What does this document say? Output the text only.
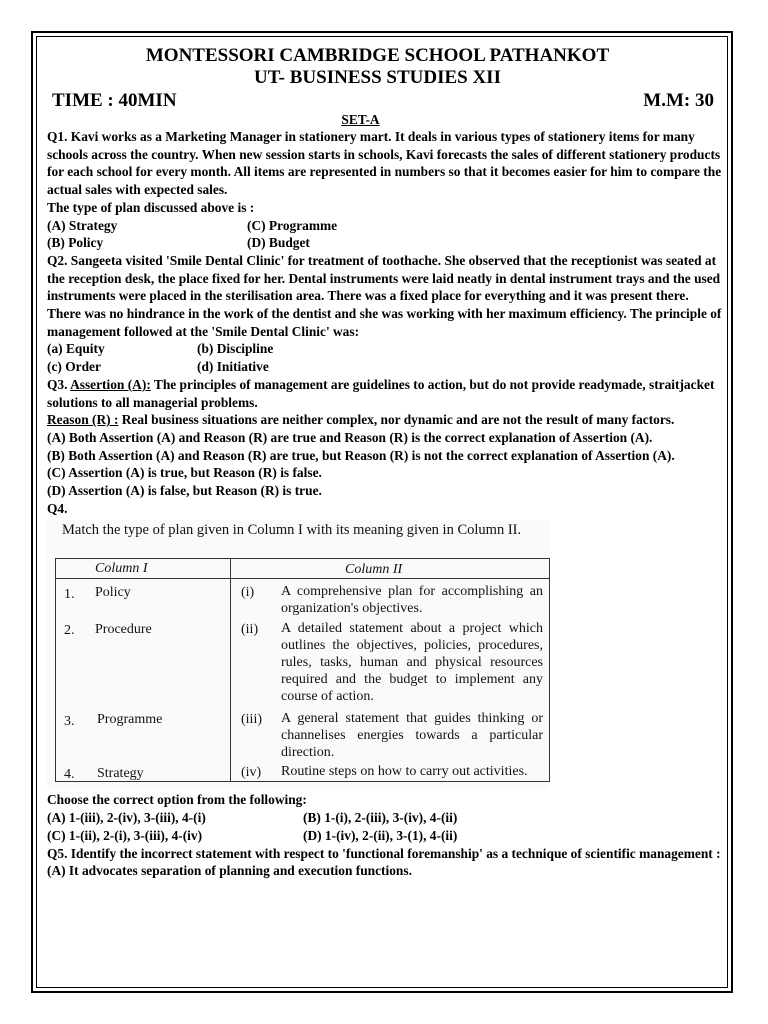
MONTESSORI CAMBRIDGE SCHOOL PATHANKOT
UT- BUSINESS STUDIES XII
TIME : 40MIN	M.M: 30
SET-A

Q1. Kavi works as a Marketing Manager in stationery mart. It deals in various types of stationery items for many schools across the country. When new session starts in schools, Kavi forecasts the sales of different stationery products for each school for every month. All items are represented in numbers so that it becomes easier for him to compare the actual sales with expected sales.

The type of plan discussed above is :

(A) Strategy	(C) Programme
(B) Policy	(D) Budget

Q2. Sangeeta visited 'Smile Dental Clinic' for treatment of toothache. She observed that the receptionist was seated at the reception desk, the place fixed for her. Dental instruments were laid neatly in dental instrument trays and the used instruments were placed in the sterilisation area. There was a fixed place for everything and it was present there. There was no hindrance in the work of the dentist and she was working with her maximum efficiency. The principle of management followed at the 'Smile Dental Clinic' was:

(a) Equity	(b) Discipline
(c) Order	(d) Initiative

Q3. Assertion (A): The principles of management are guidelines to action, but do not provide readymade, straitjacket solutions to all managerial problems.

Reason (R) : Real business situations are neither complex, nor dynamic and are not the result of many factors.

(A) Both Assertion (A) and Reason (R) are true and Reason (R) is the correct explanation of Assertion (A).

(B) Both Assertion (A) and Reason (R) are true, but Reason (R) is not the correct explanation of Assertion (A).

(C) Assertion (A) is true, but Reason (R) is false.

(D) Assertion (A) is false, but Reason (R) is true.

Q4.

Match the type of plan given in Column I with its meaning given in Column II.
Column I	Column II
1. Policy	(i) A comprehensive plan for accomplishing an organization's objectives.
2. Procedure	(ii) A detailed statement about a project which outlines the objectives, policies, procedures, rules, tasks, human and physical resources required and the budget to implement any course of action.
3. Programme	(iii) A general statement that guides thinking or channelises energies towards a particular direction.
4. Strategy	(iv) Routine steps on how to carry out activities.

Choose the correct option from the following:

(A) 1-(iii), 2-(iv), 3-(iii), 4-(i)	(B) 1-(i), 2-(iii), 3-(iv), 4-(ii)
(C) 1-(ii), 2-(i), 3-(iii), 4-(iv)	(D) 1-(iv), 2-(ii), 3-(1), 4-(ii)

Q5. Identify the incorrect statement with respect to 'functional foremanship' as a technique of scientific management :

(A) It advocates separation of planning and execution functions.
